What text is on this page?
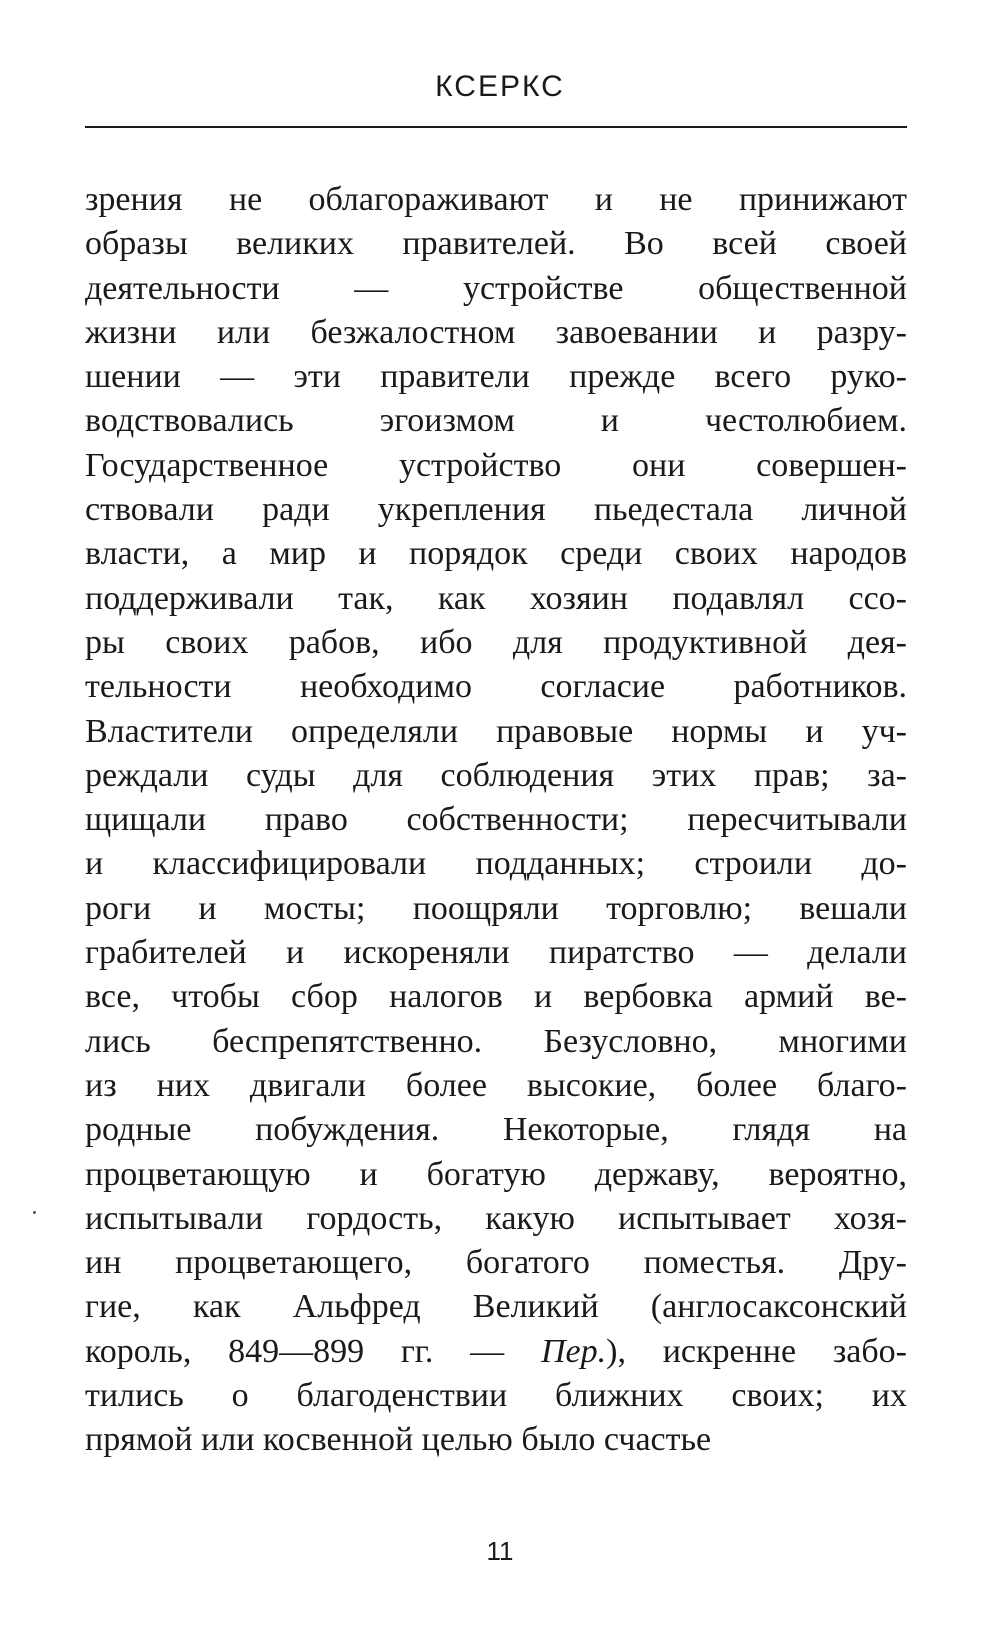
КСЕРКС
зрения не облагораживают и не принижают
образы великих правителей. Во всей своей
деятельности — устройстве общественной
жизни или безжалостном завоевании и разру-
шении — эти правители прежде всего руко-
водствовались эгоизмом и честолюбием.
Государственное устройство они совершен-
ствовали ради укрепления пьедестала личной
власти, а мир и порядок среди своих народов
поддерживали так, как хозяин подавлял ссо-
ры своих рабов, ибо для продуктивной дея-
тельности необходимо согласие работников.
Властители определяли правовые нормы и уч-
реждали суды для соблюдения этих прав; за-
щищали право собственности; пересчитывали
и классифицировали подданных; строили до-
роги и мосты; поощряли торговлю; вешали
грабителей и искореняли пиратство — делали
все, чтобы сбор налогов и вербовка армий ве-
лись беспрепятственно. Безусловно, многими
из них двигали более высокие, более благо-
родные побуждения. Некоторые, глядя на
процветающую и богатую державу, вероятно,
испытывали гордость, какую испытывает хозя-
ин процветающего, богатого поместья. Дру-
гие, как Альфред Великий (англосаксонский
король, 849—899 гг. — Пер.), искренне забо-
тились о благоденствии ближних своих; их
прямой или косвенной целью было счастье
11
